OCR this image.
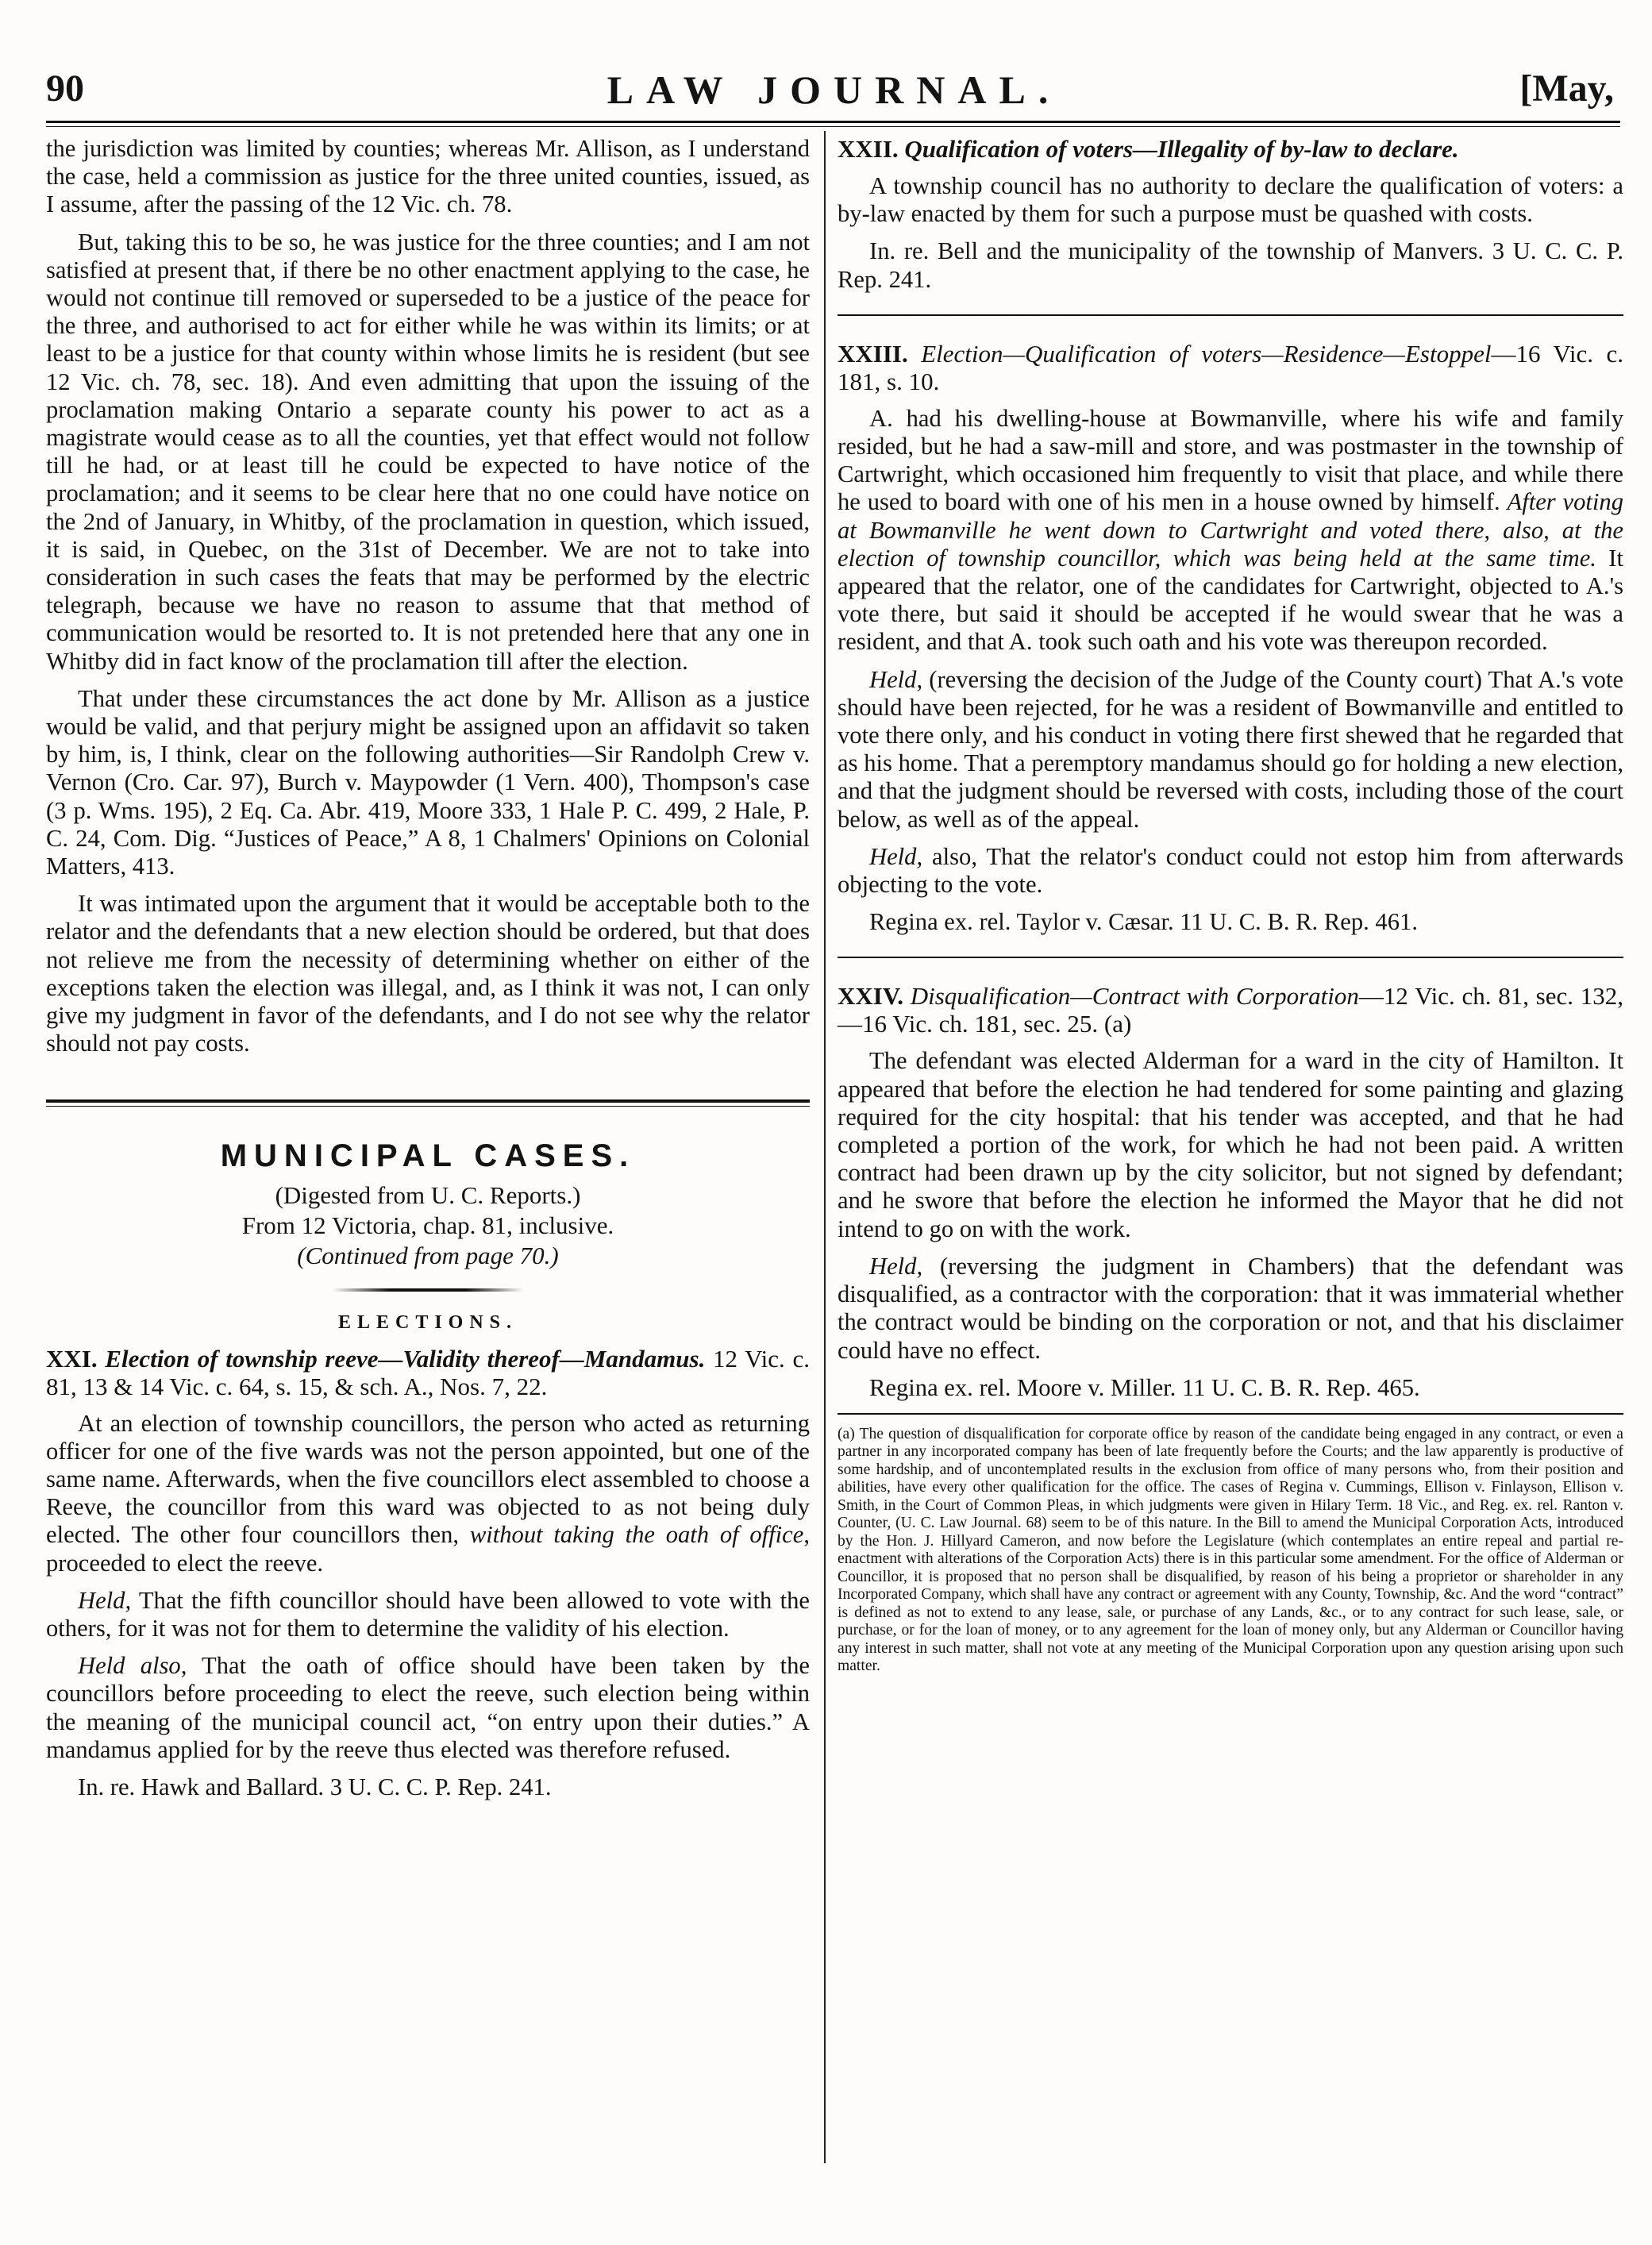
90	LAW JOURNAL.	[May,

the jurisdiction was limited by counties; whereas Mr. Allison, as I understand the case, held a commission as justice for the three united counties, issued, as I assume, after the passing of the 12 Vic. ch. 78.

But, taking this to be so, he was justice for the three counties; and I am not satisfied at present that, if there be no other enactment applying to the case, he would not continue till removed or superseded to be a justice of the peace for the three, and authorised to act for either while he was within its limits; or at least to be a justice for that county within whose limits he is resident (but see 12 Vic. ch. 78, sec. 18). And even admitting that upon the issuing of the proclamation making Ontario a separate county his power to act as a magistrate would cease as to all the counties, yet that effect would not follow till he had, or at least till he could be expected to have notice of the proclamation; and it seems to be clear here that no one could have notice on the 2nd of January, in Whitby, of the proclamation in question, which issued, it is said, in Quebec, on the 31st of December. We are not to take into consideration in such cases the feats that may be performed by the electric telegraph, because we have no reason to assume that that method of communication would be resorted to. It is not pretended here that any one in Whitby did in fact know of the proclamation till after the election.

That under these circumstances the act done by Mr. Allison as a justice would be valid, and that perjury might be assigned upon an affidavit so taken by him, is, I think, clear on the following authorities—Sir Randolph Crew v. Vernon (Cro. Car. 97), Burch v. Maypowder (1 Vern. 400), Thompson's case (3 p. Wms. 195), 2 Eq. Ca. Abr. 419, Moore 333, 1 Hale P. C. 499, 2 Hale, P. C. 24, Com. Dig. “Justices of Peace,” A 8, 1 Chalmers' Opinions on Colonial Matters, 413.

It was intimated upon the argument that it would be acceptable both to the relator and the defendants that a new election should be ordered, but that does not relieve me from the necessity of determining whether on either of the exceptions taken the election was illegal, and, as I think it was not, I can only give my judgment in favor of the defendants, and I do not see why the relator should not pay costs.

MUNICIPAL CASES.

(Digested from U. C. Reports.)

From 12 Victoria, chap. 81, inclusive.

(Continued from page 70.)

ELECTIONS.
XXI. Election of township reeve—Validity thereof—Mandamus. 12 Vic. c. 81, 13 & 14 Vic. c. 64, s. 15, & sch. A., Nos. 7, 22.

At an election of township councillors, the person who acted as returning officer for one of the five wards was not the person appointed, but one of the same name. Afterwards, when the five councillors elect assembled to choose a Reeve, the councillor from this ward was objected to as not being duly elected. The other four councillors then, without taking the oath of office, proceeded to elect the reeve.

Held, That the fifth councillor should have been allowed to vote with the others, for it was not for them to determine the validity of his election.

Held also, That the oath of office should have been taken by the councillors before proceeding to elect the reeve, such election being within the meaning of the municipal council act, “on entry upon their duties.” A mandamus applied for by the reeve thus elected was therefore refused.

In. re. Hawk and Ballard. 3 U. C. C. P. Rep. 241.

XXII. Qualification of voters—Illegality of by-law to declare.

A township council has no authority to declare the qualification of voters: a by-law enacted by them for such a purpose must be quashed with costs.

In. re. Bell and the municipality of the township of Manvers. 3 U. C. C. P. Rep. 241.

XXIII. Election—Qualification of voters—Residence—Estoppel—16 Vic. c. 181, s. 10.

A. had his dwelling-house at Bowmanville, where his wife and family resided, but he had a saw-mill and store, and was postmaster in the township of Cartwright, which occasioned him frequently to visit that place, and while there he used to board with one of his men in a house owned by himself. After voting at Bowmanville he went down to Cartwright and voted there, also, at the election of township councillor, which was being held at the same time. It appeared that the relator, one of the candidates for Cartwright, objected to A.'s vote there, but said it should be accepted if he would swear that he was a resident, and that A. took such oath and his vote was thereupon recorded.

Held, (reversing the decision of the Judge of the County court) That A.'s vote should have been rejected, for he was a resident of Bowmanville and entitled to vote there only, and his conduct in voting there first shewed that he regarded that as his home. That a peremptory mandamus should go for holding a new election, and that the judgment should be reversed with costs, including those of the court below, as well as of the appeal.

Held, also, That the relator's conduct could not estop him from afterwards objecting to the vote.

Regina ex. rel. Taylor v. Cæsar. 11 U. C. B. R. Rep. 461.

XXIV. Disqualification—Contract with Corporation—12 Vic. ch. 81, sec. 132,—16 Vic. ch. 181, sec. 25. (a)

The defendant was elected Alderman for a ward in the city of Hamilton. It appeared that before the election he had tendered for some painting and glazing required for the city hospital: that his tender was accepted, and that he had completed a portion of the work, for which he had not been paid. A written contract had been drawn up by the city solicitor, but not signed by defendant; and he swore that before the election he informed the Mayor that he did not intend to go on with the work.

Held, (reversing the judgment in Chambers) that the defendant was disqualified, as a contractor with the corporation: that it was immaterial whether the contract would be binding on the corporation or not, and that his disclaimer could have no effect.

Regina ex. rel. Moore v. Miller. 11 U. C. B. R. Rep. 465.

(a) The question of disqualification for corporate office by reason of the candidate being engaged in any contract, or even a partner in any incorporated company has been of late frequently before the Courts; and the law apparently is productive of some hardship, and of uncontemplated results in the exclusion from office of many persons who, from their position and abilities, have every other qualification for the office. The cases of Regina v. Cummings, Ellison v. Finlayson, Ellison v. Smith, in the Court of Common Pleas, in which judgments were given in Hilary Term. 18 Vic., and Reg. ex. rel. Ranton v. Counter, (U. C. Law Journal. 68) seem to be of this nature. In the Bill to amend the Municipal Corporation Acts, introduced by the Hon. J. Hillyard Cameron, and now before the Legislature (which contemplates an entire repeal and partial re-enactment with alterations of the Corporation Acts) there is in this particular some amendment. For the office of Alderman or Councillor, it is proposed that no person shall be disqualified, by reason of his being a proprietor or shareholder in any Incorporated Company, which shall have any contract or agreement with any County, Township, &c. And the word “contract” is defined as not to extend to any lease, sale, or purchase of any Lands, &c., or to any contract for such lease, sale, or purchase, or for the loan of money, or to any agreement for the loan of money only, but any Alderman or Councillor having any interest in such matter, shall not vote at any meeting of the Municipal Corporation upon any question arising upon such matter.
